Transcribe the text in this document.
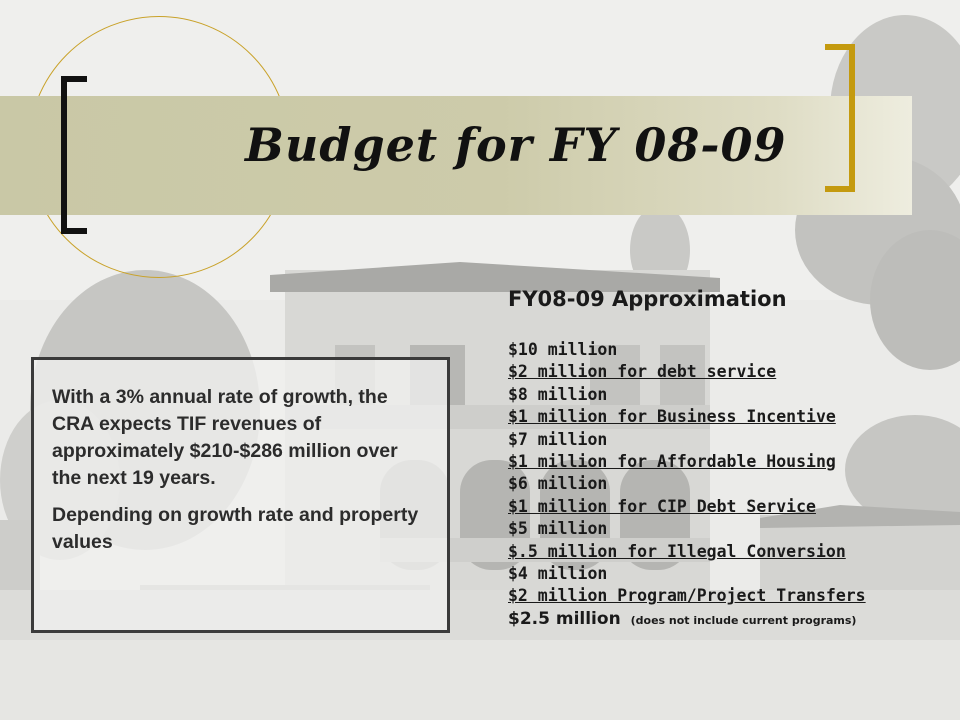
Budget for FY 08-09

With a 3% annual rate of growth, the CRA expects TIF revenues of approximately $210-$286 million over the next 19 years.

Depending on growth rate and property values

FY08-09 Approximation
$10 million
$2 million for debt service
$8 million
$1 million for Business Incentive
$7 million
$1 million for Affordable Housing
$6 million
$1 million for CIP Debt Service
$5 million
$.5 million for Illegal Conversion
$4 million
$2 million Program/Project Transfers
$2.5 million (does not include current programs)
